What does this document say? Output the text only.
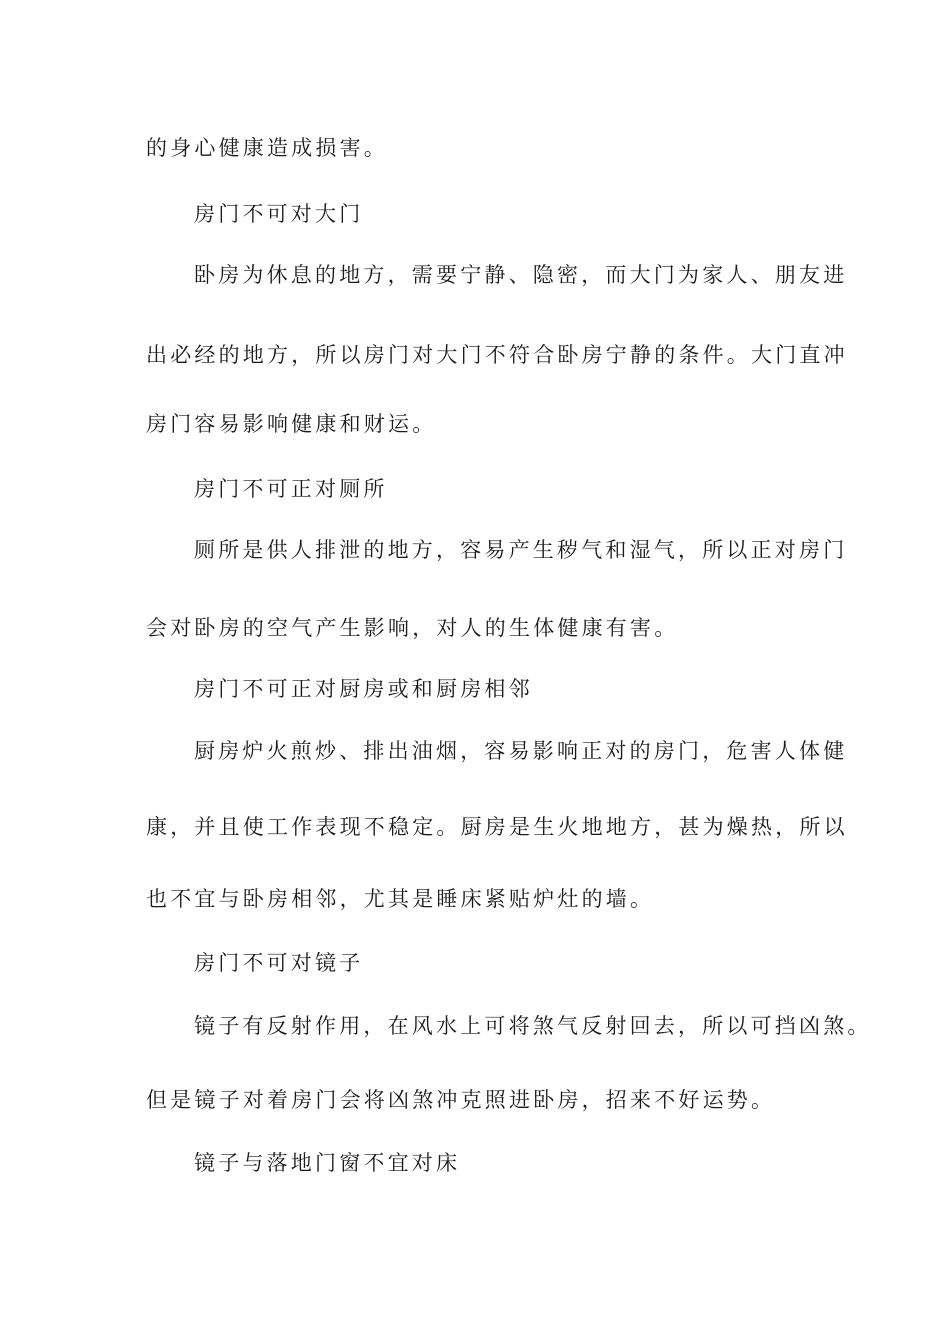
的身心健康造成损害。
房门不可对大门
卧房为休息的地方，需要宁静、隐密，而大门为家人、朋友进
出必经的地方，所以房门对大门不符合卧房宁静的条件。大门直冲
房门容易影响健康和财运。
房门不可正对厕所
厕所是供人排泄的地方，容易产生秽气和湿气，所以正对房门
会对卧房的空气产生影响，对人的生体健康有害。
房门不可正对厨房或和厨房相邻
厨房炉火煎炒、排出油烟，容易影响正对的房门，危害人体健
康，并且使工作表现不稳定。厨房是生火地地方，甚为燥热，所以
也不宜与卧房相邻，尤其是睡床紧贴炉灶的墙。
房门不可对镜子
镜子有反射作用，在风水上可将煞气反射回去，所以可挡凶煞。
但是镜子对着房门会将凶煞冲克照进卧房，招来不好运势。
镜子与落地门窗不宜对床
